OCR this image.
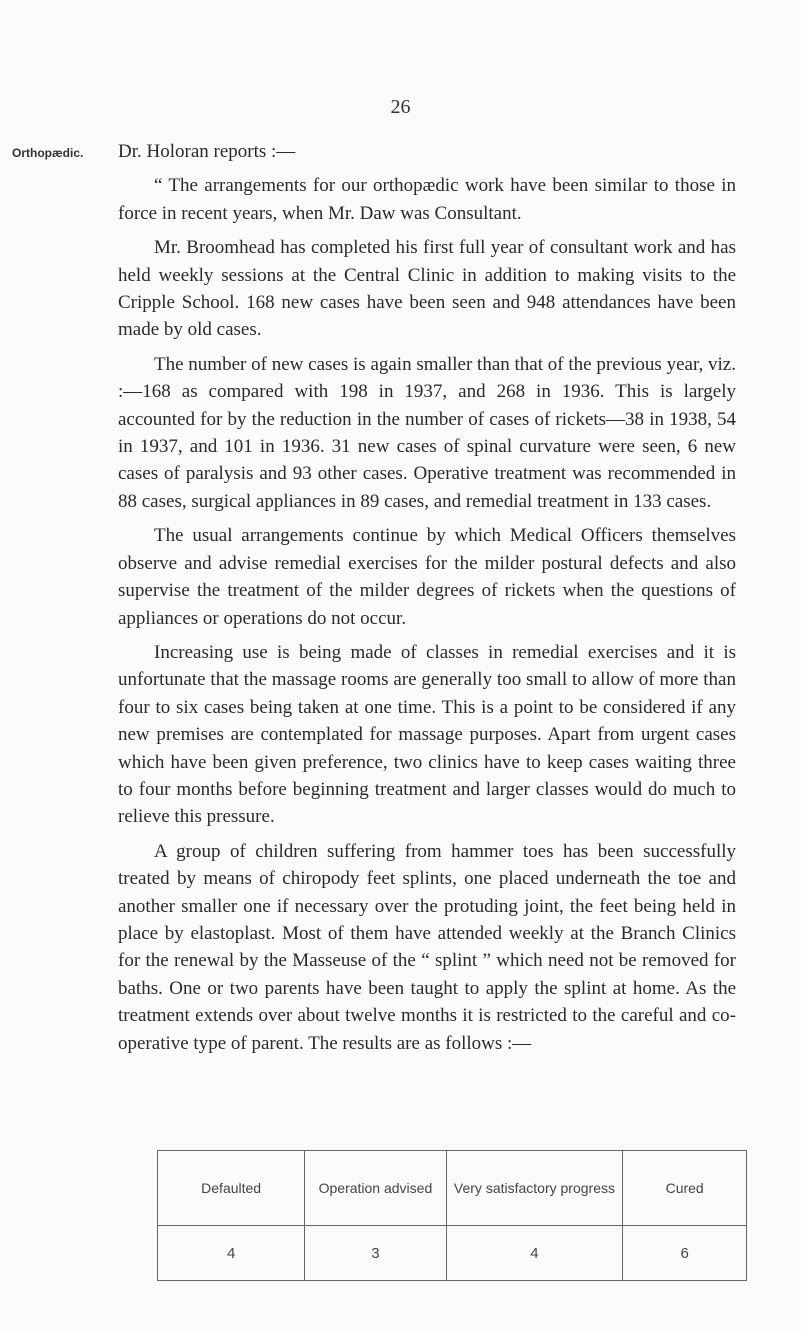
26
Orthopædic. Dr. Holoran reports :—

“ The arrangements for our orthopædic work have been similar to those in force in recent years, when Mr. Daw was Consultant.

Mr. Broomhead has completed his first full year of consultant work and has held weekly sessions at the Central Clinic in addition to making visits to the Cripple School. 168 new cases have been seen and 948 attendances have been made by old cases.

The number of new cases is again smaller than that of the previous year, viz. :—168 as compared with 198 in 1937, and 268 in 1936. This is largely accounted for by the reduction in the number of cases of rickets—38 in 1938, 54 in 1937, and 101 in 1936. 31 new cases of spinal curvature were seen, 6 new cases of paralysis and 93 other cases. Operative treatment was recommended in 88 cases, surgical appliances in 89 cases, and remedial treatment in 133 cases.

The usual arrangements continue by which Medical Officers themselves observe and advise remedial exercises for the milder postural defects and also supervise the treatment of the milder degrees of rickets when the questions of appliances or operations do not occur.

Increasing use is being made of classes in remedial exercises and it is unfortunate that the massage rooms are generally too small to allow of more than four to six cases being taken at one time. This is a point to be considered if any new premises are contemplated for massage purposes. Apart from urgent cases which have been given preference, two clinics have to keep cases waiting three to four months before beginning treatment and larger classes would do much to relieve this pressure.

A group of children suffering from hammer toes has been successfully treated by means of chiropody feet splints, one placed underneath the toe and another smaller one if necessary over the protuding joint, the feet being held in place by elastoplast. Most of them have attended weekly at the Branch Clinics for the renewal by the Masseuse of the “ splint ” which need not be removed for baths. One or two parents have been taught to apply the splint at home. As the treatment extends over about twelve months it is restricted to the careful and co-operative type of parent. The results are as follows :—

Defaulted	Operation advised	Very satisfactory progress	Cured
4	3	4	6
